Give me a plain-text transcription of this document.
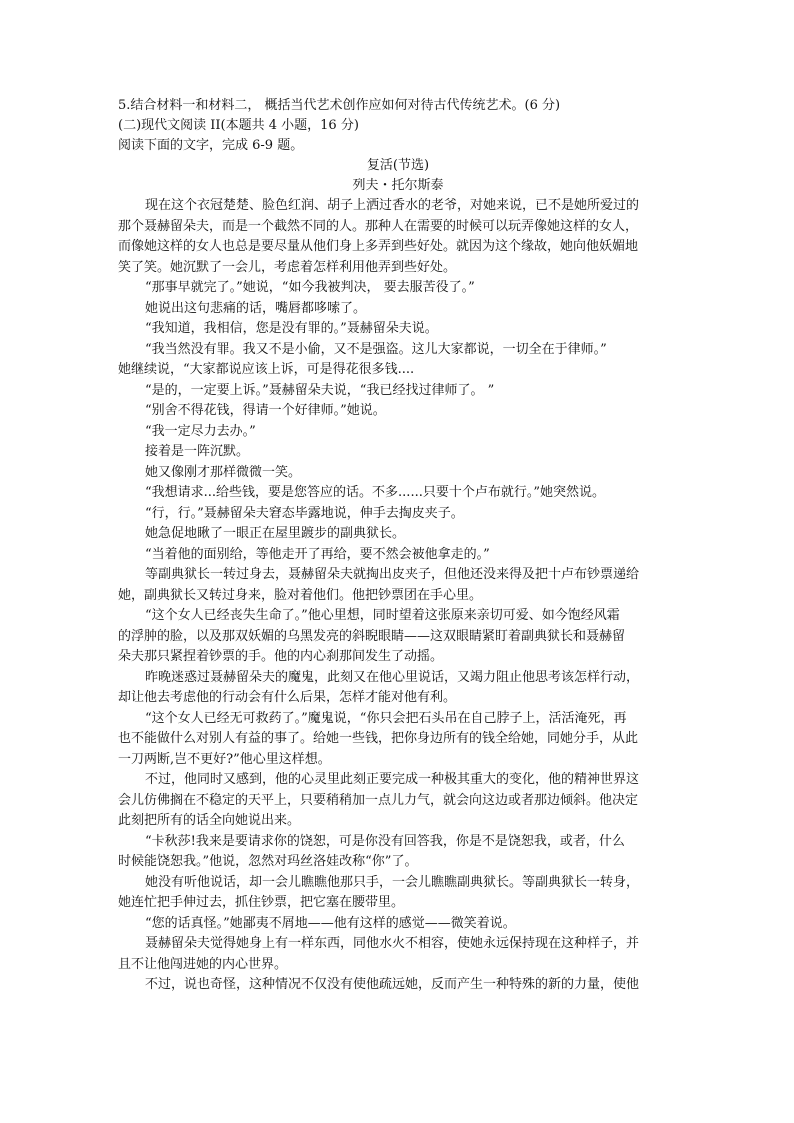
5.结合材料一和材料二， 概括当代艺术创作应如何对待古代传统艺术。(6 分)

(二)现代文阅读 II(本题共 4 小题，16 分)

阅读下面的文字，完成 6-9 题。

复活(节选)

列夫・托尔斯泰

现在这个衣冠楚楚、脸色红润、胡子上洒过香水的老爷，对她来说，已不是她所爱过的

那个聂赫留朵夫，而是一个截然不同的人。那种人在需要的时候可以玩弄像她这样的女人，

而像她这样的女人也总是要尽量从他们身上多弄到些好处。就因为这个缘故，她向他妖媚地

笑了笑。她沉默了一会儿，考虑着怎样利用他弄到些好处。

“那事早就完了。”她说，“如今我被判决， 要去服苦役了。”

她说出这句悲痛的话，嘴唇都哆嗦了。

“我知道，我相信，您是没有罪的。”聂赫留朵夫说。

“我当然没有罪。我又不是小偷，又不是强盗。这儿大家都说，一切全在于律师。”

她继续说，“大家都说应该上诉，可是得花很多钱....

“是的，一定要上诉。”聂赫留朵夫说，“我已经找过律师了。 ”

“别舍不得花钱，得请一个好律师。”她说。

“我一定尽力去办。”

接着是一阵沉默。

她又像刚才那样微微一笑。

“我想请求...给些钱，要是您答应的话。不多......只要十个卢布就行。”她突然说。

“行，行。”聂赫留朵夫窘态毕露地说，伸手去掏皮夹子。

她急促地瞅了一眼正在屋里踱步的副典狱长。

“当着他的面别给，等他走开了再给，要不然会被他拿走的。”

等副典狱长一转过身去，聂赫留朵夫就掏出皮夹子，但他还没来得及把十卢布钞票递给

她，副典狱长又转过身来，脸对着他们。他把钞票团在手心里。

“这个女人已经丧失生命了。”他心里想，同时望着这张原来亲切可爱、如今饱经风霜

的浮肿的脸，以及那双妖媚的乌黑发亮的斜睨眼睛——这双眼睛紧盯着副典狱长和聂赫留

朵夫那只紧捏着钞票的手。他的内心刹那间发生了动摇。

昨晚迷惑过聂赫留朵夫的魔鬼，此刻又在他心里说话，又竭力阻止他思考该怎样行动，

却让他去考虑他的行动会有什么后果，怎样才能对他有利。

“这个女人已经无可救药了。”魔鬼说，“你只会把石头吊在自己脖子上，活活淹死，再

也不能做什么对别人有益的事了。给她一些钱，把你身边所有的钱全给她，同她分手，从此

一刀两断,岂不更好?”他心里这样想。

不过，他同时又感到，他的心灵里此刻正要完成一种极其重大的变化，他的精神世界这

会儿仿佛搁在不稳定的天平上，只要稍稍加一点儿力气，就会向这边或者那边倾斜。他决定

此刻把所有的话全向她说出来。

“卡秋莎!我来是要请求你的饶恕，可是你没有回答我，你是不是饶恕我，或者，什么

时候能饶恕我。”他说，忽然对玛丝洛娃改称“你”了。

她没有听他说话，却一会儿瞧瞧他那只手，一会儿瞧瞧副典狱长。等副典狱长一转身，

她连忙把手伸过去，抓住钞票，把它塞在腰带里。

“您的话真怪。”她鄙夷不屑地——他有这样的感觉——微笑着说。

聂赫留朵夫觉得她身上有一样东西，同他水火不相容，使她永远保持现在这种样子，并

且不让他闯进她的内心世界。

不过，说也奇怪，这种情况不仅没有使他疏远她，反而产生一种特殊的新的力量，使他
